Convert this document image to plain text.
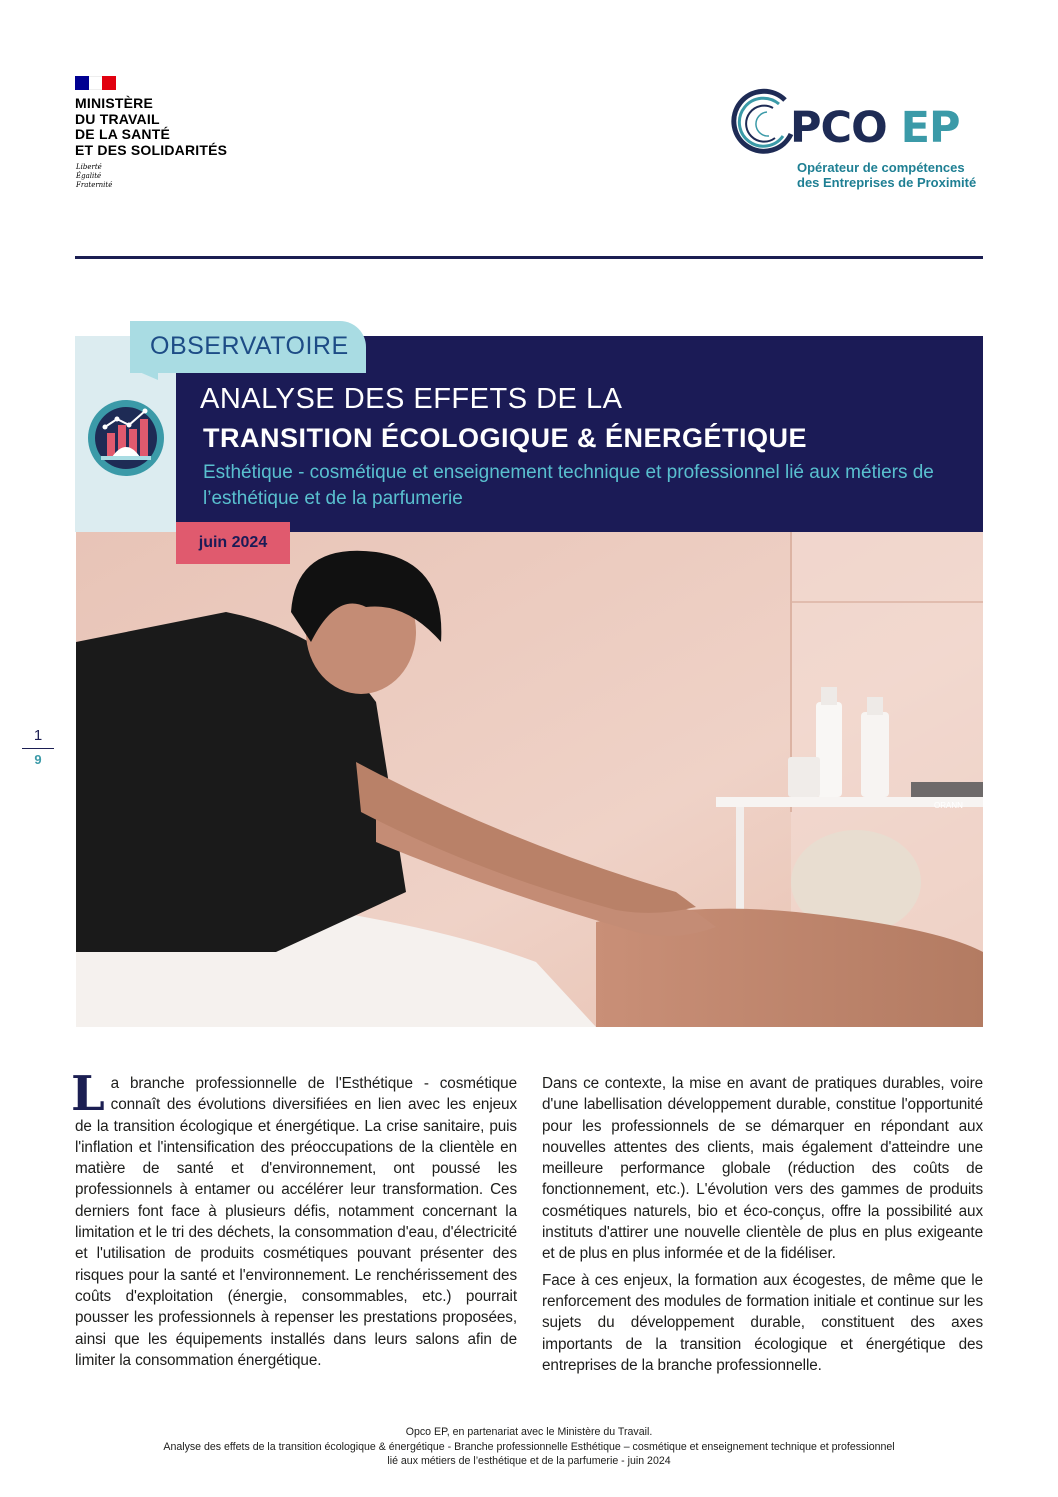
MINISTÈRE
DU TRAVAIL
DE LA SANTÉ
ET DES SOLIDARITÉS
Liberté
Égalité
Fraternité
PCO EP
Opérateur de compétences
des Entreprises de Proximité
OBSERVATOIRE
ANALYSE DES EFFETS DE LA
TRANSITION ÉCOLOGIQUE & ÉNERGÉTIQUE
Esthétique - cosmétique et enseignement technique et professionnel lié aux métiers de l’esthétique et de la parfumerie
ORANN
juin 2024
1
9

La branche professionnelle de l'Esthétique - cosmétique connaît des évolutions diversifiées en lien avec les enjeux de la transition écologique et énergétique. La crise sanitaire, puis l'inflation et l'intensification des préoccupations de la clientèle en matière de santé et d'environnement, ont poussé les professionnels à entamer ou accélérer leur transformation. Ces derniers font face à plusieurs défis, notamment concernant la limitation et le tri des déchets, la consommation d'eau, d'électricité et l'utilisation de produits cosmétiques pouvant présenter des risques pour la santé et l'environnement. Le renchérissement des coûts d'exploitation (énergie, consommables, etc.) pourrait pousser les professionnels à repenser les prestations proposées, ainsi que les équipements installés dans leurs salons afin de limiter la consommation énergétique.

Dans ce contexte, la mise en avant de pratiques durables, voire d'une labellisation développement durable, constitue l'opportunité pour les professionnels de se démarquer en répondant aux nouvelles attentes des clients, mais également d'atteindre une meilleure performance globale (réduction des coûts de fonctionnement, etc.). L'évolution vers des gammes de produits cosmétiques naturels, bio et éco-conçus, offre la possibilité aux instituts d'attirer une nouvelle clientèle de plus en plus exigeante et de plus en plus informée et de la fidéliser.

Face à ces enjeux, la formation aux écogestes, de même que le renforcement des modules de formation initiale et continue sur les sujets du développement durable, constituent des axes importants de la transition écologique et énergétique des entreprises de la branche professionnelle.

Opco EP, en partenariat avec le Ministère du Travail.
Analyse des effets de la transition écologique & énergétique - Branche professionnelle Esthétique – cosmétique et enseignement technique et professionnel
lié aux métiers de l’esthétique et de la parfumerie - juin 2024
